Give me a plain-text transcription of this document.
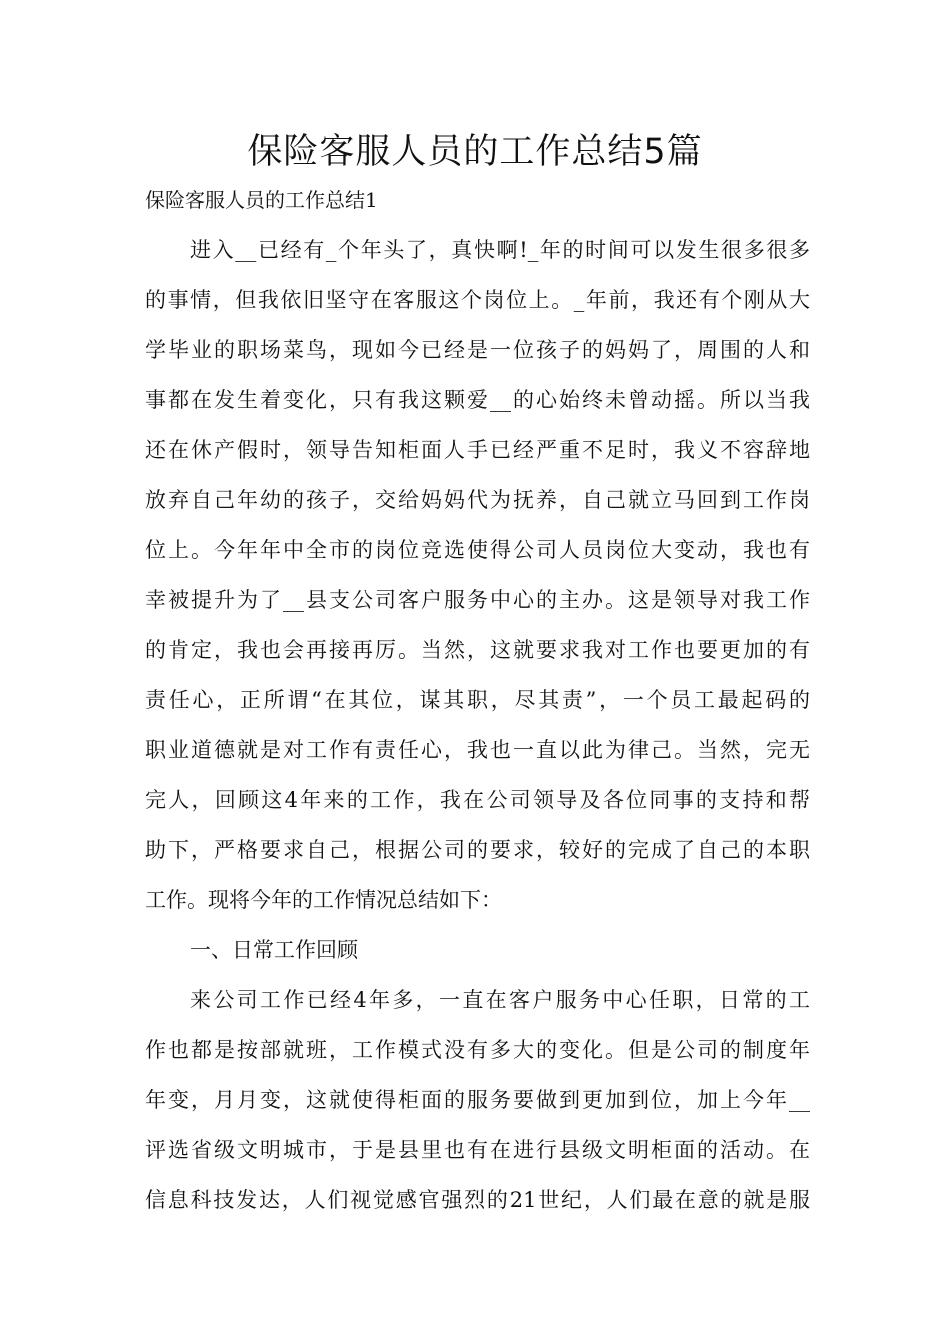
保险客服人员的工作总结5篇

保险客服人员的工作总结1

进入__已经有_个年头了，真快啊!_年的时间可以发生很多很多

的事情，但我依旧坚守在客服这个岗位上。_年前，我还有个刚从大

学毕业的职场菜鸟，现如今已经是一位孩子的妈妈了，周围的人和

事都在发生着变化，只有我这颗爱__的心始终未曾动摇。所以当我

还在休产假时，领导告知柜面人手已经严重不足时，我义不容辞地

放弃自己年幼的孩子，交给妈妈代为抚养，自己就立马回到工作岗

位上。今年年中全市的岗位竞选使得公司人员岗位大变动，我也有

幸被提升为了__县支公司客户服务中心的主办。这是领导对我工作

的肯定，我也会再接再厉。当然，这就要求我对工作也要更加的有

责任心，正所谓“在其位，谋其职，尽其责”，一个员工最起码的

职业道德就是对工作有责任心，我也一直以此为律己。当然，完无

完人，回顾这4年来的工作，我在公司领导及各位同事的支持和帮

助下，严格要求自己，根据公司的要求，较好的完成了自己的本职

工作。现将今年的工作情况总结如下：

一、日常工作回顾

来公司工作已经4年多，一直在客户服务中心任职，日常的工

作也都是按部就班，工作模式没有多大的变化。但是公司的制度年

年变，月月变，这就使得柜面的服务要做到更加到位，加上今年__

评选省级文明城市，于是县里也有在进行县级文明柜面的活动。在

信息科技发达，人们视觉感官强烈的21世纪，人们最在意的就是服
